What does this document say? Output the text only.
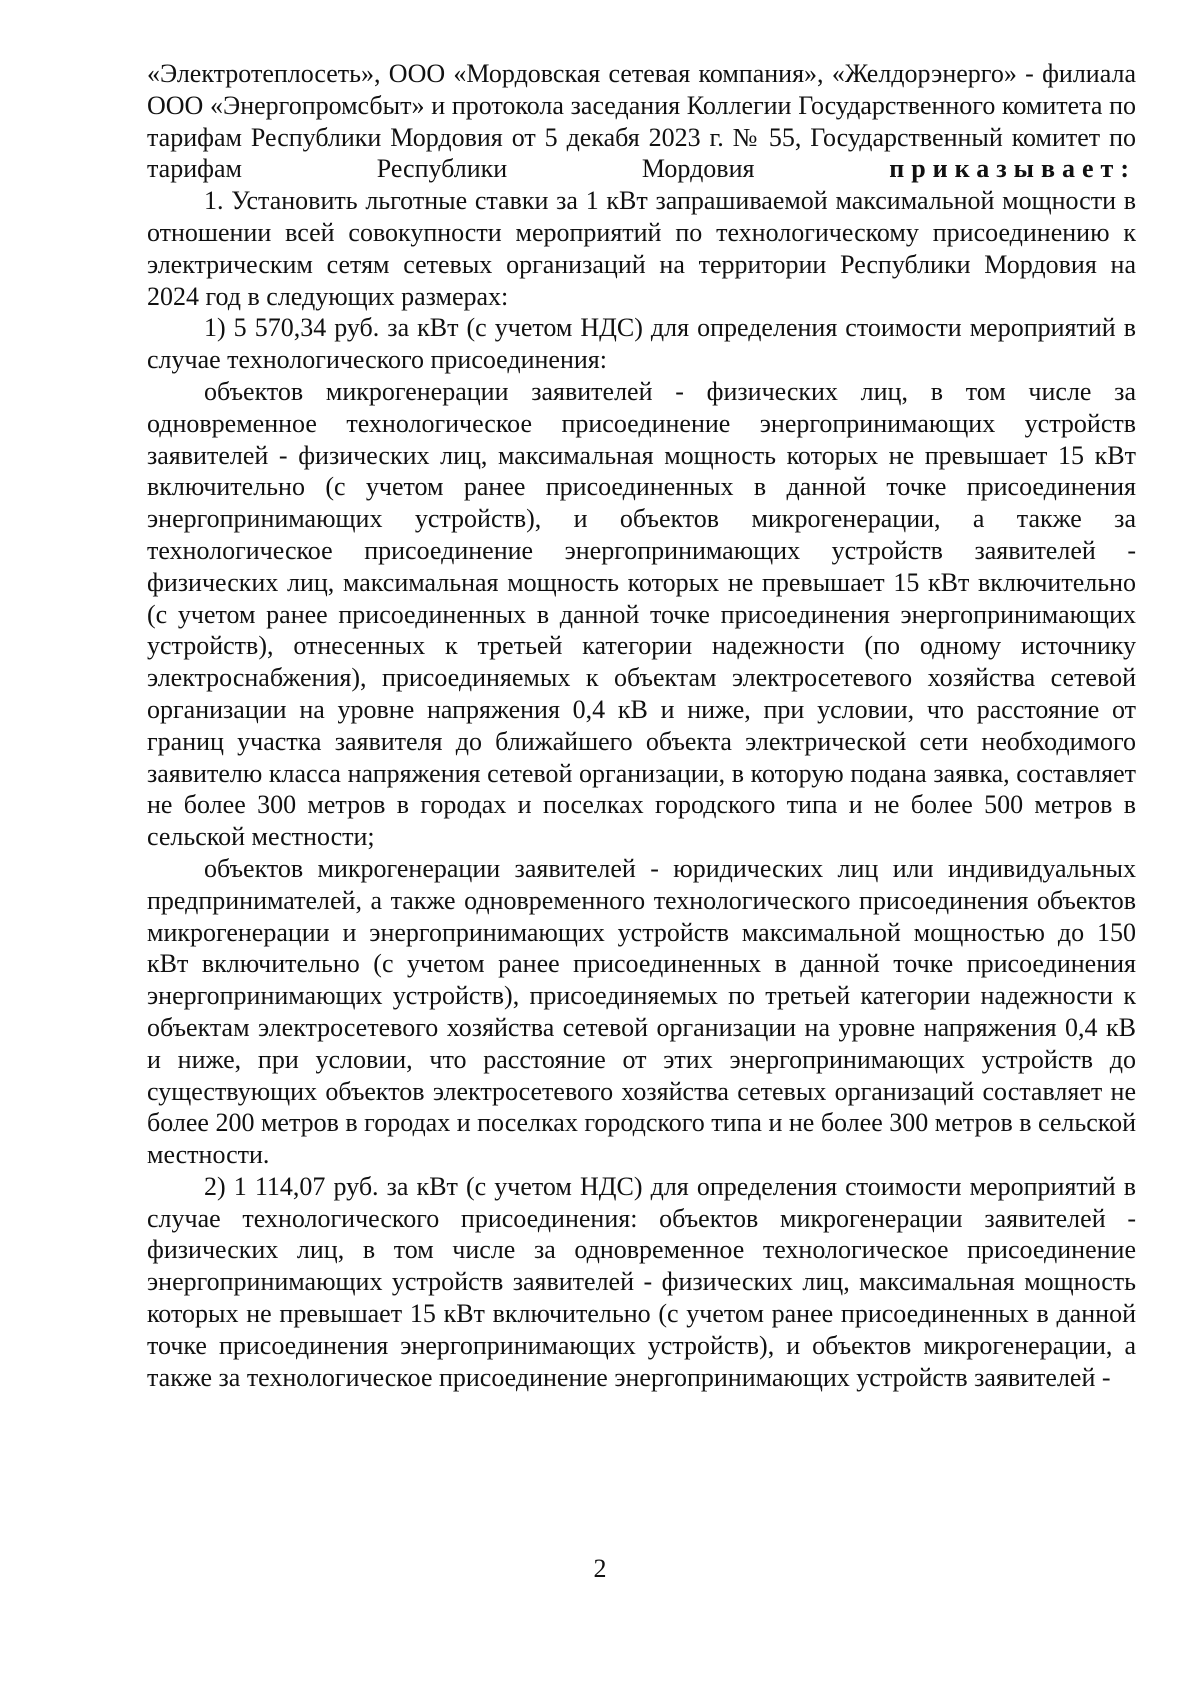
«Электротеплосеть», ООО «Мордовская сетевая компания», «Желдорэнерго» - филиала ООО «Энергопромсбыт» и протокола заседания Коллегии Государственного комитета по тарифам Республики Мордовия от 5 декабя 2023 г. № 55, Государственный комитет по тарифам Республики Мордовия	приказывает:

1. Установить льготные ставки за 1 кВт запрашиваемой максимальной мощности в отношении всей совокупности мероприятий по технологическому присоединению к электрическим сетям сетевых организаций на территории Республики Мордовия на 2024 год в следующих размерах:

1) 5 570,34 руб. за кВт (с учетом НДС) для определения стоимости мероприятий в случае технологического присоединения:

объектов микрогенерации заявителей - физических лиц, в том числе за одновременное технологическое присоединение энергопринимающих устройств заявителей - физических лиц, максимальная мощность которых не превышает 15 кВт включительно (с учетом ранее присоединенных в данной точке присоединения энергопринимающих устройств), и объектов микрогенерации, а также за технологическое присоединение энергопринимающих устройств заявителей - физических лиц, максимальная мощность которых не превышает 15 кВт включительно (с учетом ранее присоединенных в данной точке присоединения энергопринимающих устройств), отнесенных к третьей категории надежности (по одному источнику электроснабжения), присоединяемых к объектам электросетевого хозяйства сетевой организации на уровне напряжения 0,4 кВ и ниже, при условии, что расстояние от границ участка заявителя до ближайшего объекта электрической сети необходимого заявителю класса напряжения сетевой организации, в которую подана заявка, составляет не более 300 метров в городах и поселках городского типа и не более 500 метров в сельской местности;

объектов микрогенерации заявителей - юридических лиц или индивидуальных предпринимателей, а также одновременного технологического присоединения объектов микрогенерации и энергопринимающих устройств максимальной мощностью до 150 кВт включительно (с учетом ранее присоединенных в данной точке присоединения энергопринимающих устройств), присоединяемых по третьей категории надежности к объектам электросетевого хозяйства сетевой организации на уровне напряжения 0,4 кВ и ниже, при условии, что расстояние от этих энергопринимающих устройств до существующих объектов электросетевого хозяйства сетевых организаций составляет не более 200 метров в городах и поселках городского типа и не более 300 метров в сельской местности.

2) 1 114,07 руб. за кВт (с учетом НДС) для определения стоимости мероприятий в случае технологического присоединения: объектов микрогенерации заявителей - физических лиц, в том числе за одновременное технологическое присоединение энергопринимающих устройств заявителей - физических лиц, максимальная мощность которых не превышает 15 кВт включительно (с учетом ранее присоединенных в данной точке присоединения энергопринимающих устройств), и объектов микрогенерации, а также за технологическое присоединение энергопринимающих устройств заявителей -

2
